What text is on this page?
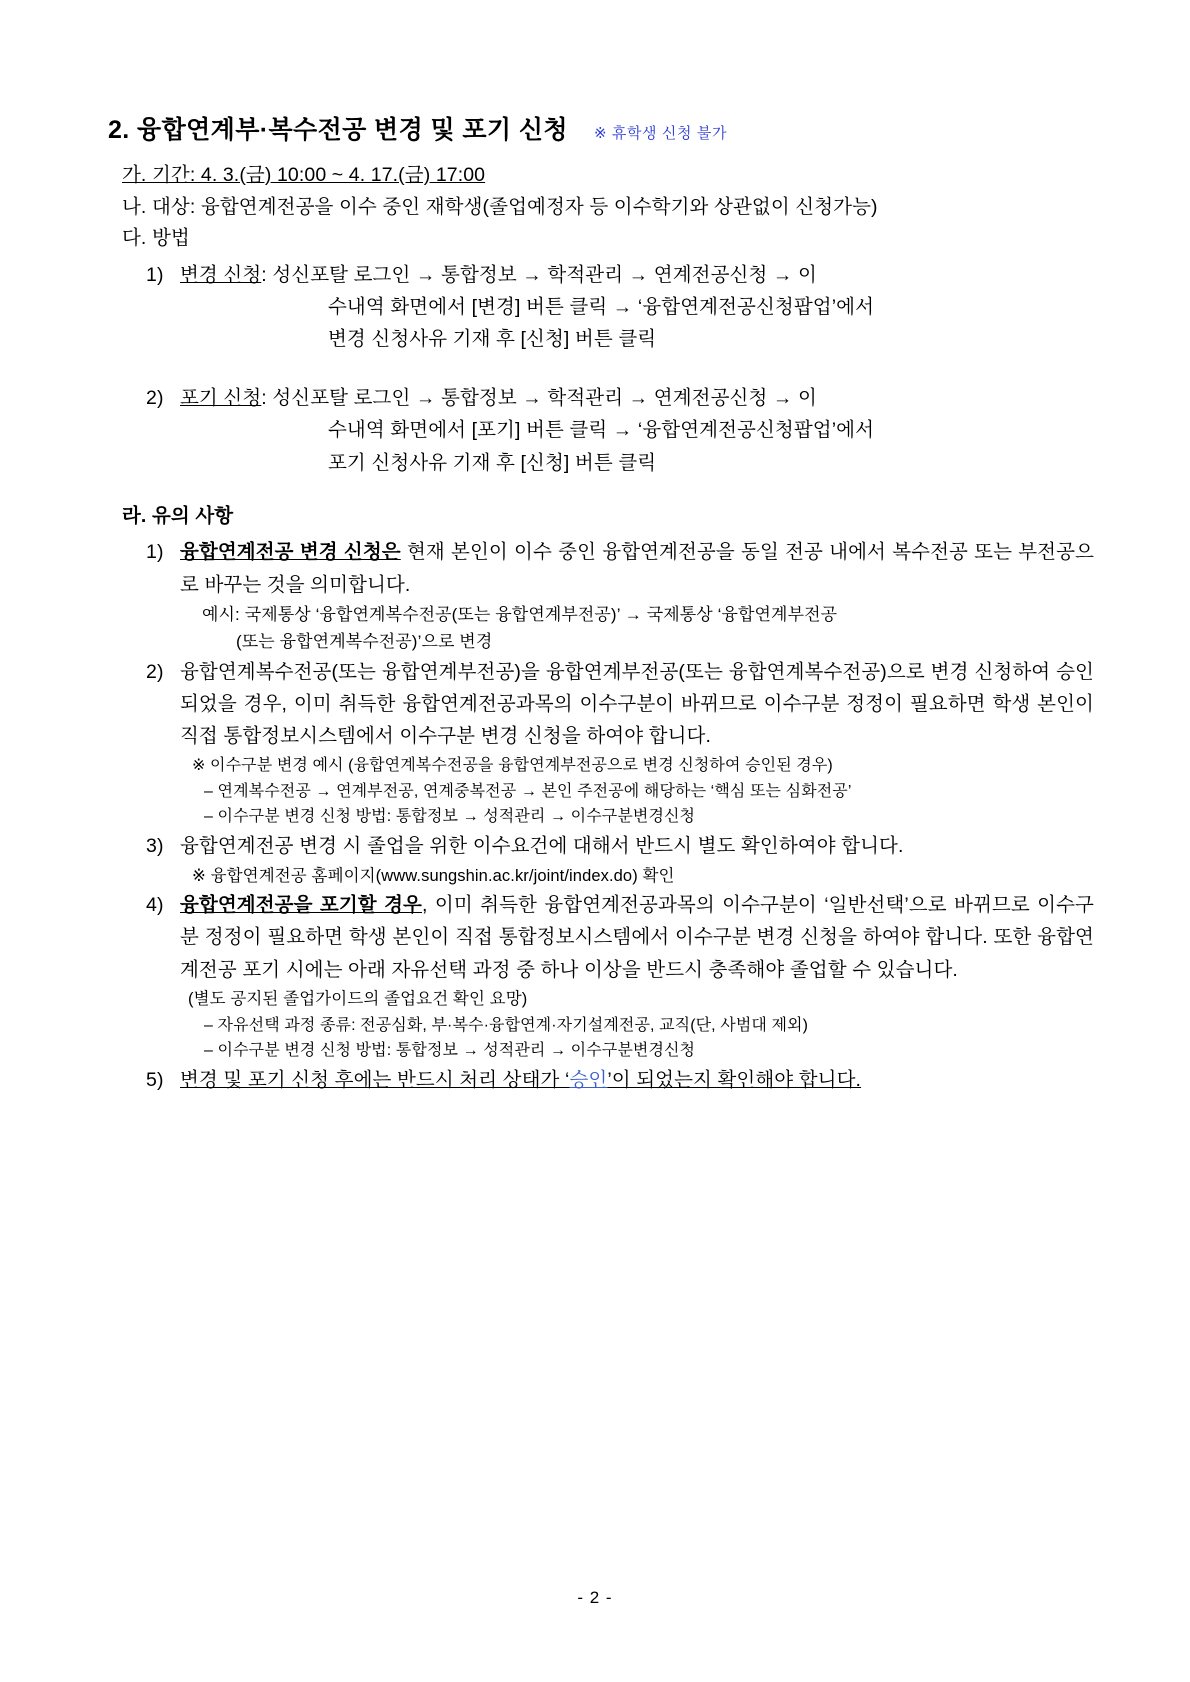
2. 융합연계부·복수전공 변경 및 포기 신청 ※ 휴학생 신청 불가
가. 기간: 4. 3.(금) 10:00 ~ 4. 17.(금) 17:00
나. 대상: 융합연계전공을 이수 중인 재학생(졸업예정자 등 이수학기와 상관없이 신청가능)
다. 방법
1) 변경 신청: 성신포탈 로그인 → 통합정보 → 학적관리 → 연계전공신청 → 이
수내역 화면에서 [변경] 버튼 클릭 → ‘융합연계전공신청팝업’에서
변경 신청사유 기재 후 [신청] 버튼 클릭
2) 포기 신청: 성신포탈 로그인 → 통합정보 → 학적관리 → 연계전공신청 → 이
수내역 화면에서 [포기] 버튼 클릭 → ‘융합연계전공신청팝업’에서
포기 신청사유 기재 후 [신청] 버튼 클릭
라. 유의 사항
1) 융합연계전공 변경 신청은 현재 본인이 이수 중인 융합연계전공을 동일 전공 내에서 복수전공 또는 부전공으로 바꾸는 것을 의미합니다.
예시: 국제통상 ‘융합연계복수전공(또는 융합연계부전공)’ → 국제통상 ‘융합연계부전공
(또는 융합연계복수전공)’으로 변경
2) 융합연계복수전공(또는 융합연계부전공)을 융합연계부전공(또는 융합연계복수전공)으로 변경 신청하여 승인되었을 경우, 이미 취득한 융합연계전공과목의 이수구분이 바뀌므로 이수구분 정정이 필요하면 학생 본인이 직접 통합정보시스템에서 이수구분 변경 신청을 하여야 합니다.
※ 이수구분 변경 예시 (융합연계복수전공을 융합연계부전공으로 변경 신청하여 승인된 경우)
– 연계복수전공 → 연계부전공, 연계중복전공 → 본인 주전공에 해당하는 ‘핵심 또는 심화전공’
– 이수구분 변경 신청 방법: 통합정보 → 성적관리 → 이수구분변경신청
3) 융합연계전공 변경 시 졸업을 위한 이수요건에 대해서 반드시 별도 확인하여야 합니다.
※ 융합연계전공 홈페이지(www.sungshin.ac.kr/joint/index.do) 확인
4) 융합연계전공을 포기할 경우, 이미 취득한 융합연계전공과목의 이수구분이 ‘일반선택’으로 바뀌므로 이수구분 정정이 필요하면 학생 본인이 직접 통합정보시스템에서 이수구분 변경 신청을 하여야 합니다. 또한 융합연계전공 포기 시에는 아래 자유선택 과정 중 하나 이상을 반드시 충족해야 졸업할 수 있습니다.
(별도 공지된 졸업가이드의 졸업요건 확인 요망)
– 자유선택 과정 종류: 전공심화, 부·복수·융합연계·자기설계전공, 교직(단, 사범대 제외)
– 이수구분 변경 신청 방법: 통합정보 → 성적관리 → 이수구분변경신청
5) 변경 및 포기 신청 후에는 반드시 처리 상태가 ‘승인’이 되었는지 확인해야 합니다.
- 2 -
